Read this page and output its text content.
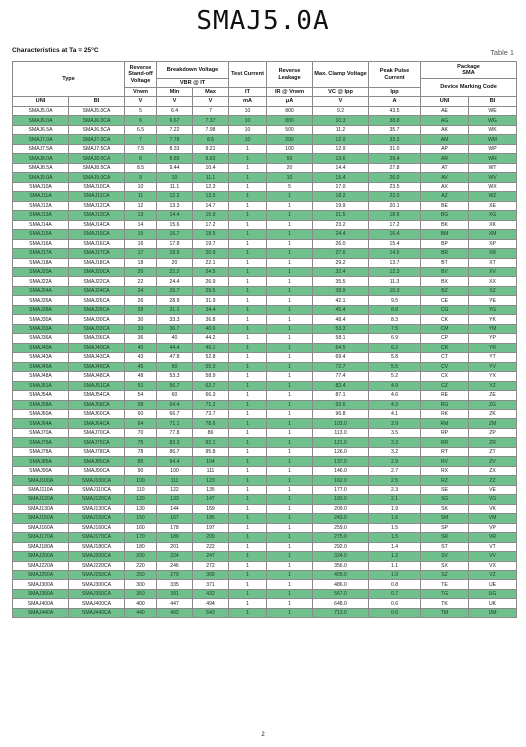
SMAJ5.0A
Characteristics at Ta = 25°C	Table 1
Type		Reverse Stand-off Voltage	Breakdown Voltage		Test Current	Reverse Leakage	Max. Clamp Voltage	Peak Pulse Current	Package
SMA	

			VBR @ IT						Device Marking Code	
		Vrwm	Min	Max	IT	IR @ Vrwm	VC @ Ipp	Ipp		
UNI	BI	V	V	V	mA	μA	V	A	UNI	BI
SMAJ5.0A	SMAJ5.0CA	5	6.4	7	10	800	9.2	43.5	AE	WE
SMAJ6.0A	SMAJ6.0CA	6	6.67	7.37	10	800	10.3	38.8	AG	WG
SMAJ6.5A	SMAJ6.5CA	6.5	7.22	7.98	10	500	11.2	35.7	AK	WK
SMAJ7.0A	SMAJ7.0CA	7	7.78	8.6	10	200	12.0	33.3	AM	WM
SMAJ7.5A	SMAJ7.5CA	7.5	8.33	9.21	1	100	12.9	31.0	AP	WP
SMAJ8.0A	SMAJ8.0CA	8	8.89	9.83	1	50	13.6	29.4	AR	WR
SMAJ8.5A	SMAJ8.5CA	8.5	9.44	10.4	1	20	14.4	27.8	AT	WT
SMAJ9.0A	SMAJ9.0CA	9	10	11.1	1	10	15.4	26.0	AV	WV
SMAJ10A	SMAJ10CA	10	11.1	12.3	1	5	17.0	23.5	AX	WX
SMAJ11A	SMAJ11CA	11	12.2	13.5	1	1	18.2	22.0	AZ	WZ
SMAJ12A	SMAJ12CA	12	13.3	14.7	1	1	19.9	20.1	BE	XE
SMAJ13A	SMAJ13CA	13	14.4	15.9	1	1	21.5	18.6	BG	XG
SMAJ14A	SMAJ14CA	14	15.6	17.2	1	1	23.2	17.2	BK	XK
SMAJ15A	SMAJ15CA	15	16.7	18.5	1	1	24.4	16.4	BM	XM
SMAJ16A	SMAJ16CA	16	17.8	19.7	1	1	26.0	15.4	BP	XP
SMAJ17A	SMAJ17CA	17	18.9	20.9	1	1	27.6	14.5	BR	XR
SMAJ18A	SMAJ18CA	18	20	22.1	1	1	29.2	13.7	BT	XT
SMAJ20A	SMAJ20CA	20	22.2	24.5	1	1	32.4	12.3	BV	XV
SMAJ22A	SMAJ22CA	22	24.4	26.9	1	1	35.5	11.3	BX	XX
SMAJ24A	SMAJ24CA	24	26.7	29.5	1	1	38.9	10.3	BZ	XZ
SMAJ26A	SMAJ26CA	26	28.9	31.9	1	1	42.1	9.5	CE	YE
SMAJ28A	SMAJ28CA	28	31.1	34.4	1	1	45.4	8.8	CG	YG
SMAJ30A	SMAJ30CA	30	33.3	36.8	1	1	48.4	8.3	CK	YK
SMAJ33A	SMAJ33CA	33	36.7	40.6	1	1	53.3	7.5	CM	YM
SMAJ36A	SMAJ36CA	36	40	44.2	1	1	58.1	6.9	CP	YP
SMAJ40A	SMAJ40CA	40	44.4	49.1	1	1	64.5	6.2	CR	YR
SMAJ43A	SMAJ43CA	43	47.8	52.8	1	1	69.4	5.8	CT	YT
SMAJ45A	SMAJ45CA	45	50	55.3	1	1	72.7	5.5	CV	YV
SMAJ48A	SMAJ48CA	48	53.3	58.9	1	1	77.4	5.2	CX	YX
SMAJ51A	SMAJ51CA	51	56.7	62.7	1	1	82.4	4.9	CZ	YZ
SMAJ54A	SMAJ54CA	54	60	66.3	1	1	87.1	4.6	RE	ZE
SMAJ58A	SMAJ58CA	58	64.4	71.2	1	1	93.6	4.3	RG	ZG
SMAJ60A	SMAJ60CA	60	66.7	73.7	1	1	96.8	4.1	RK	ZK
SMAJ64A	SMAJ64CA	64	71.1	78.6	1	1	103.0	3.9	RM	ZM
SMAJ70A	SMAJ70CA	70	77.8	86	1	1	113.0	3.5	RP	ZP
SMAJ75A	SMAJ75CA	75	83.3	92.1	1	1	121.0	3.3	RR	ZR
SMAJ78A	SMAJ78CA	78	86.7	95.8	1	1	126.0	3.2	RT	ZT
SMAJ85A	SMAJ85CA	85	94.4	104	1	1	137.0	2.9	RV	ZV
SMAJ90A	SMAJ90CA	90	100	111	1	1	146.0	2.7	RX	ZX
SMAJ100A	SMAJ100CA	100	111	123	1	1	162.0	2.5	RZ	ZZ
SMAJ110A	SMAJ110CA	110	122	135	1	1	177.0	2.3	SE	VE
SMAJ120A	SMAJ120CA	120	133	147	1	1	193.0	2.1	SG	VG
SMAJ130A	SMAJ130CA	130	144	159	1	1	209.0	1.9	SK	VK
SMAJ150A	SMAJ150CA	150	167	185	1	1	243.0	1.6	SM	VM
SMAJ160A	SMAJ160CA	160	178	197	1	1	259.0	1.5	SP	VP
SMAJ170A	SMAJ170CA	170	189	209	1	1	275.0	1.5	SR	VR
SMAJ180A	SMAJ180CA	180	201	222	1	1	292.0	1.4	ST	VT
SMAJ200A	SMAJ200CA	200	224	247	1	1	324.0	1.2	SV	VV
SMAJ220A	SMAJ220CA	220	246	272	1	1	356.0	1.1	SX	VX
SMAJ250A	SMAJ250CA	250	279	309	1	1	405.0	1.0	SZ	VZ
SMAJ300A	SMAJ300CA	300	335	371	1	1	486.0	0.8	TE	UE
SMAJ350A	SMAJ350CA	350	391	432	1	1	567.0	0.7	TG	UG
SMAJ400A	SMAJ400CA	400	447	494	1	1	648.0	0.6	TK	UK
SMAJ440A	SMAJ440CA	440	492	543	1	1	713.0	0.6	TM	UM
2
